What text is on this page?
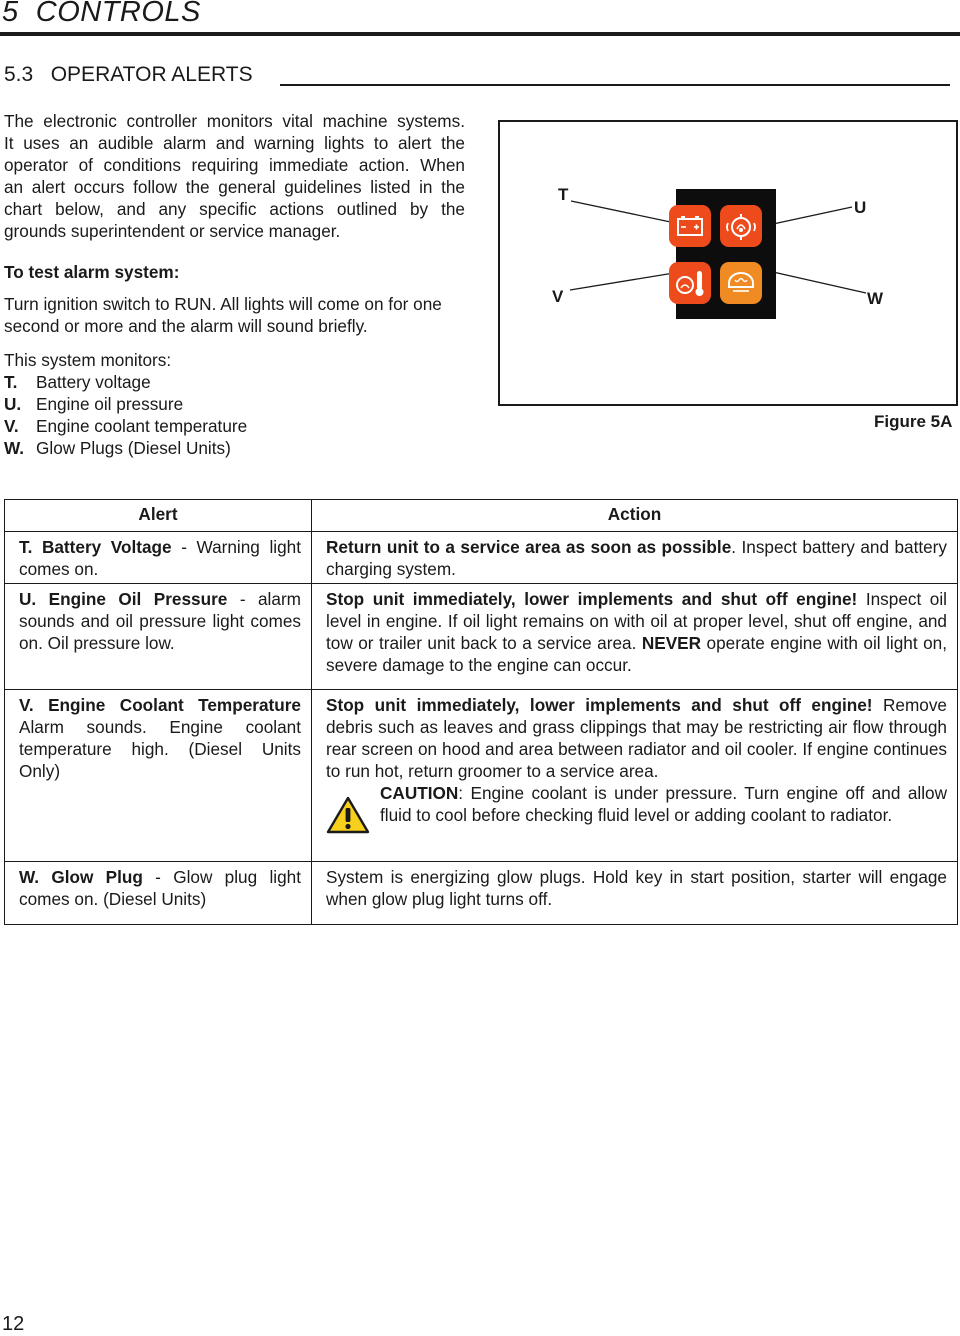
5 CONTROLS
5.3 OPERATOR ALERTS
The electronic controller monitors vital machine systems.
It uses an audible alarm and warning lights to alert the
operator of conditions requiring immediate action. When
an alert occurs follow the general guidelines listed in the
chart below, and any specific actions outlined by the
grounds superintendent or service manager.
To test alarm system:
Turn ignition switch to RUN. All lights will come on for one
second or more and the alarm will sound briefly.
This system monitors:
T. Battery voltage
U. Engine oil pressure
V. Engine coolant temperature
W. Glow Plugs (Diesel Units)
T
U
V	W
Figure 5A
Alert	Action
T. Battery Voltage - Warning light comes on.	Return unit to a service area as soon as possible. Inspect battery and battery charging system.
U. Engine Oil Pressure - alarm sounds and oil pressure light comes on. Oil pressure low.	Stop unit immediately, lower implements and shut off engine! Inspect oil level in engine. If oil light remains on with oil at proper level, shut off engine, and tow or trailer unit back to a service area. NEVER operate engine with oil light on, severe damage to the engine can occur.
V. Engine Coolant Temperature Alarm sounds. Engine coolant temperature high. (Diesel Units Only)	Stop unit immediately, lower implements and shut off engine! Remove debris such as leaves and grass clippings that may be restricting air flow through rear screen on hood and area between radiator and oil cooler. If engine continues to run hot, return groomer to a service area.

CAUTION: Engine coolant is under pressure. Turn engine off and allow fluid to cool before checking fluid level or adding coolant to radiator.

W. Glow Plug - Glow plug light comes on. (Diesel Units)	System is energizing glow plugs. Hold key in start position, starter will engage when glow plug light turns off.
12
